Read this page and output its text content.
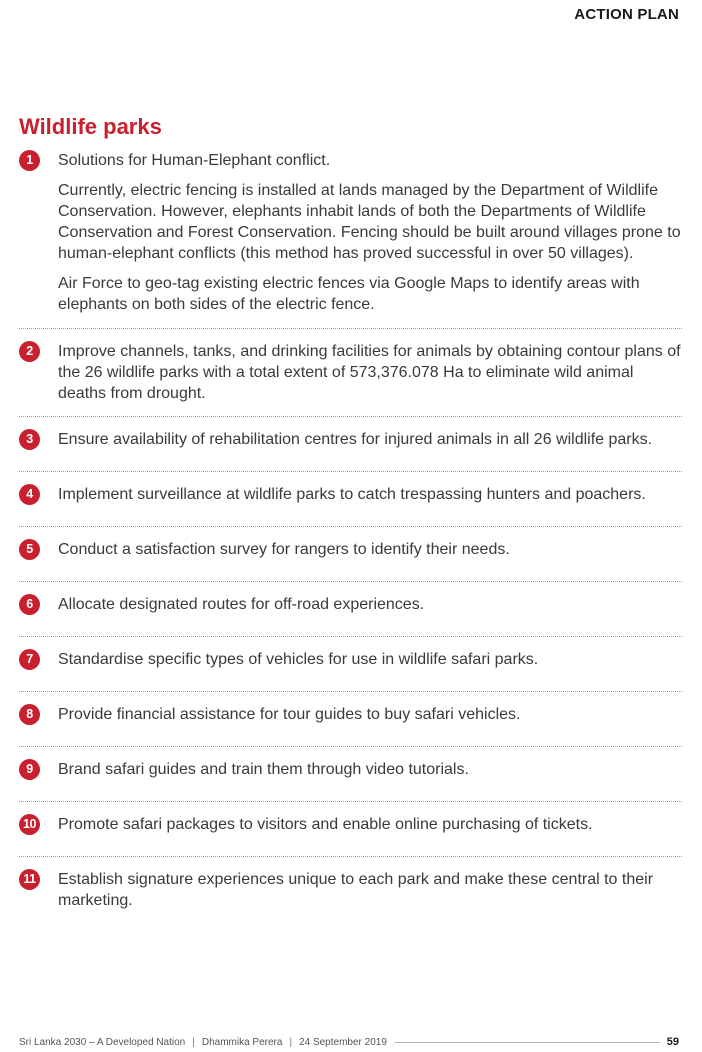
ACTION PLAN
Wildlife parks
1	Solutions for Human-Elephant conflict.

Currently, electric fencing is installed at lands managed by the Department of Wildlife Conservation. However, elephants inhabit lands of both the Departments of Wildlife Conservation and Forest Conservation. Fencing should be built around villages prone to human-elephant conflicts (this method has proved successful in over 50 villages).

Air Force to geo-tag existing electric fences via Google Maps to identify areas with elephants on both sides of the electric fence.

2	Improve channels, tanks, and drinking facilities for animals by obtaining contour plans of the 26 wildlife parks with a total extent of 573,376.078 Ha to eliminate wild animal deaths from drought.

3	Ensure availability of rehabilitation centres for injured animals in all 26 wildlife parks.

4	Implement surveillance at wildlife parks to catch trespassing hunters and poachers.

5	Conduct a satisfaction survey for rangers to identify their needs.

6	Allocate designated routes for off-road experiences.

7	Standardise specific types of vehicles for use in wildlife safari parks.

8	Provide financial assistance for tour guides to buy safari vehicles.

9	Brand safari guides and train them through video tutorials.

10 Promote safari packages to visitors and enable online purchasing of tickets.

11 Establish signature experiences unique to each park and make these central to their marketing.

Sri Lanka 2030 – A Developed Nation | Dhammika Perera | 24 September 2019	59
